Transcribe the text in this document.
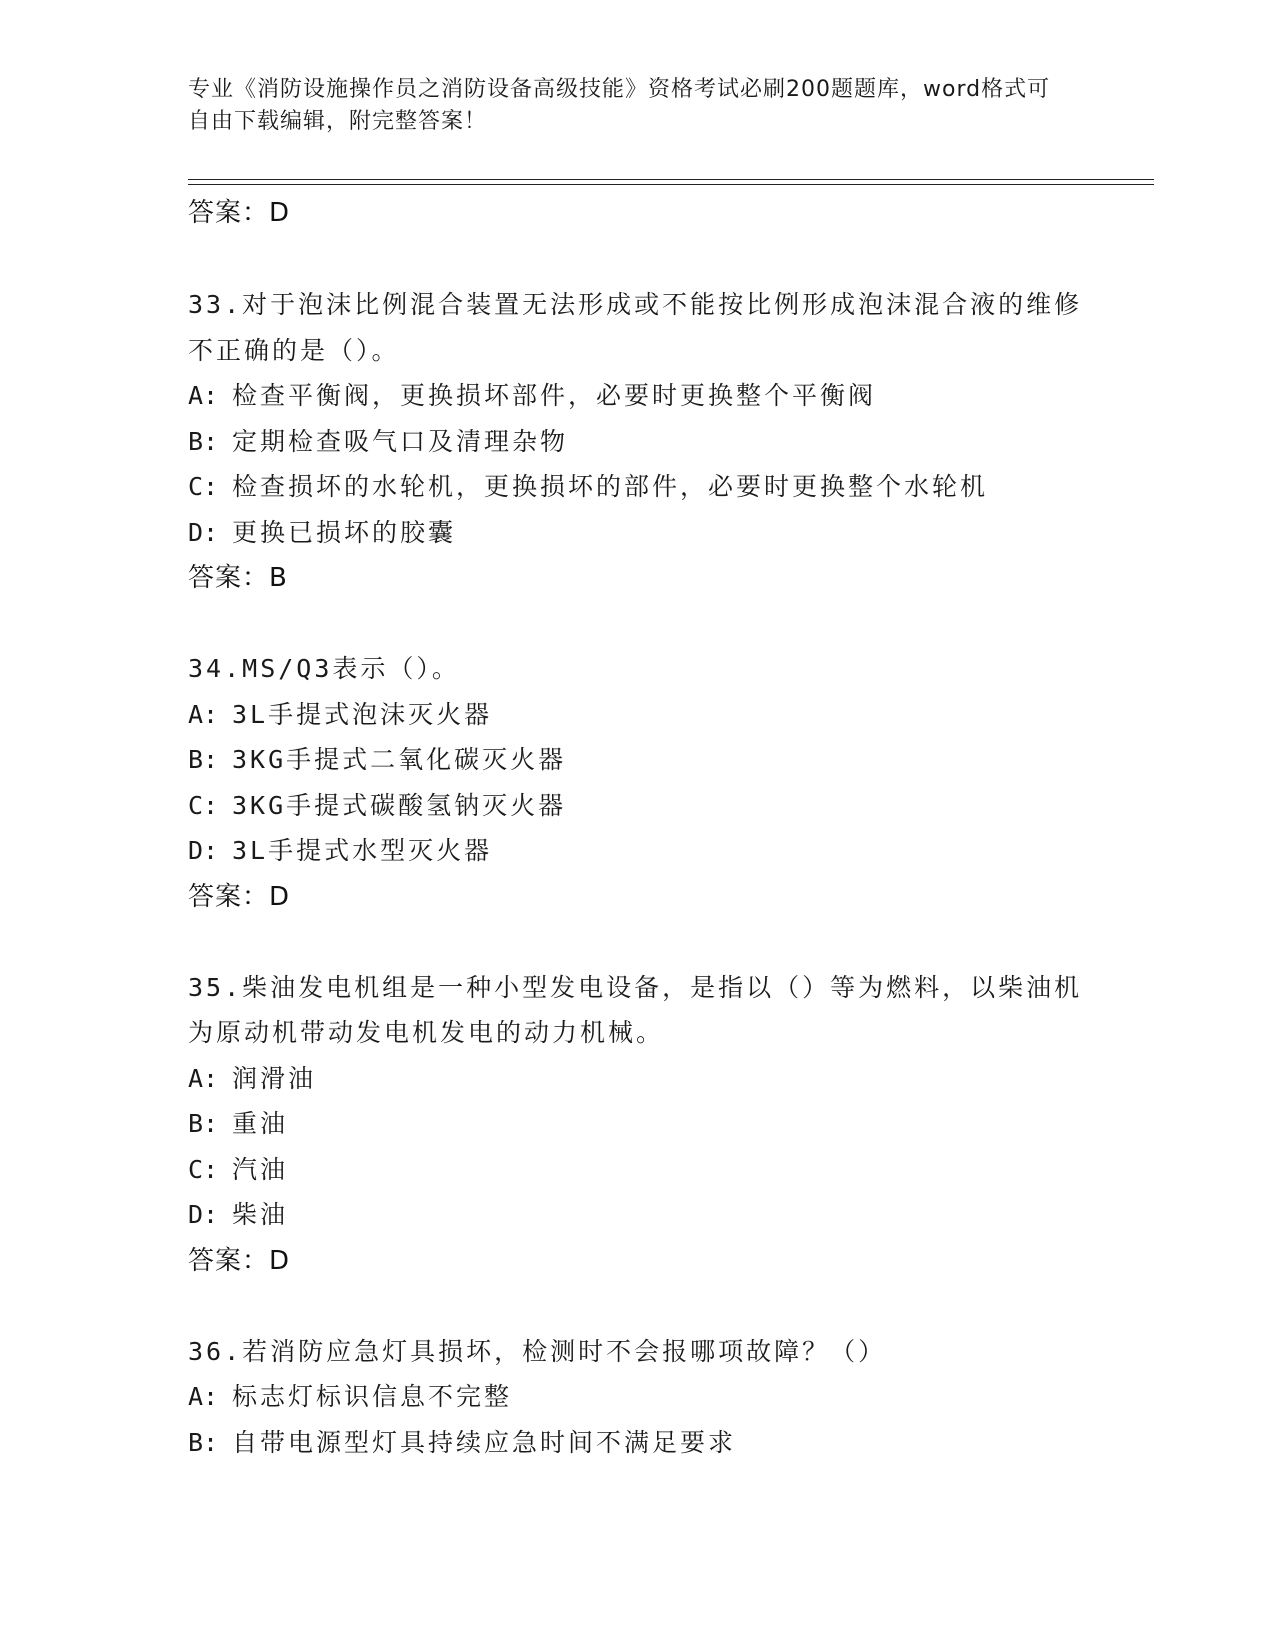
专业《消防设施操作员之消防设备高级技能》资格考试必刷200题题库，word格式可自由下载编辑，附完整答案！
答案：D

33.对于泡沫比例混合装置无法形成或不能按比例形成泡沫混合液的维修不正确的是（）。

A: 检查平衡阀，更换损坏部件，必要时更换整个平衡阀
B: 定期检查吸气口及清理杂物
C: 检查损坏的水轮机，更换损坏的部件，必要时更换整个水轮机
D: 更换已损坏的胶囊
答案：B

34.MS/Q3表示（）。

A: 3L手提式泡沫灭火器
B: 3KG手提式二氧化碳灭火器
C: 3KG手提式碳酸氢钠灭火器
D: 3L手提式水型灭火器
答案：D

35.柴油发电机组是一种小型发电设备，是指以（）等为燃料，以柴油机为原动机带动发电机发电的动力机械。

A: 润滑油
B: 重油
C: 汽油
D: 柴油
答案：D

36.若消防应急灯具损坏，检测时不会报哪项故障？（）

A: 标志灯标识信息不完整
B: 自带电源型灯具持续应急时间不满足要求
